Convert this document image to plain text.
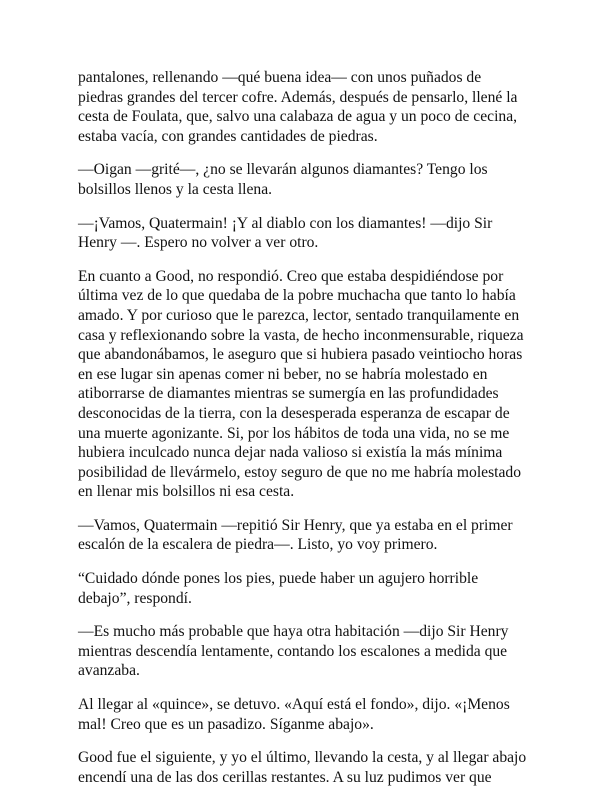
pantalones, rellenando —qué buena idea— con unos puñados de piedras grandes del tercer cofre. Además, después de pensarlo, llené la cesta de Foulata, que, salvo una calabaza de agua y un poco de cecina, estaba vacía, con grandes cantidades de piedras.

—Oigan —grité—, ¿no se llevarán algunos diamantes? Tengo los bolsillos llenos y la cesta llena.

—¡Vamos, Quatermain! ¡Y al diablo con los diamantes! —dijo Sir Henry —. Espero no volver a ver otro.

En cuanto a Good, no respondió. Creo que estaba despidiéndose por última vez de lo que quedaba de la pobre muchacha que tanto lo había amado. Y por curioso que le parezca, lector, sentado tranquilamente en casa y reflexionando sobre la vasta, de hecho inconmensurable, riqueza que abandonábamos, le aseguro que si hubiera pasado veintiocho horas en ese lugar sin apenas comer ni beber, no se habría molestado en atiborrarse de diamantes mientras se sumergía en las profundidades desconocidas de la tierra, con la desesperada esperanza de escapar de una muerte agonizante. Si, por los hábitos de toda una vida, no se me hubiera inculcado nunca dejar nada valioso si existía la más mínima posibilidad de llevármelo, estoy seguro de que no me habría molestado en llenar mis bolsillos ni esa cesta.

—Vamos, Quatermain —repitió Sir Henry, que ya estaba en el primer escalón de la escalera de piedra—. Listo, yo voy primero.

“Cuidado dónde pones los pies, puede haber un agujero horrible debajo”, respondí.

—Es mucho más probable que haya otra habitación —dijo Sir Henry mientras descendía lentamente, contando los escalones a medida que avanzaba.

Al llegar al «quince», se detuvo. «Aquí está el fondo», dijo. «¡Menos mal! Creo que es un pasadizo. Síganme abajo».

Good fue el siguiente, y yo el último, llevando la cesta, y al llegar abajo encendí una de las dos cerillas restantes. A su luz pudimos ver que
